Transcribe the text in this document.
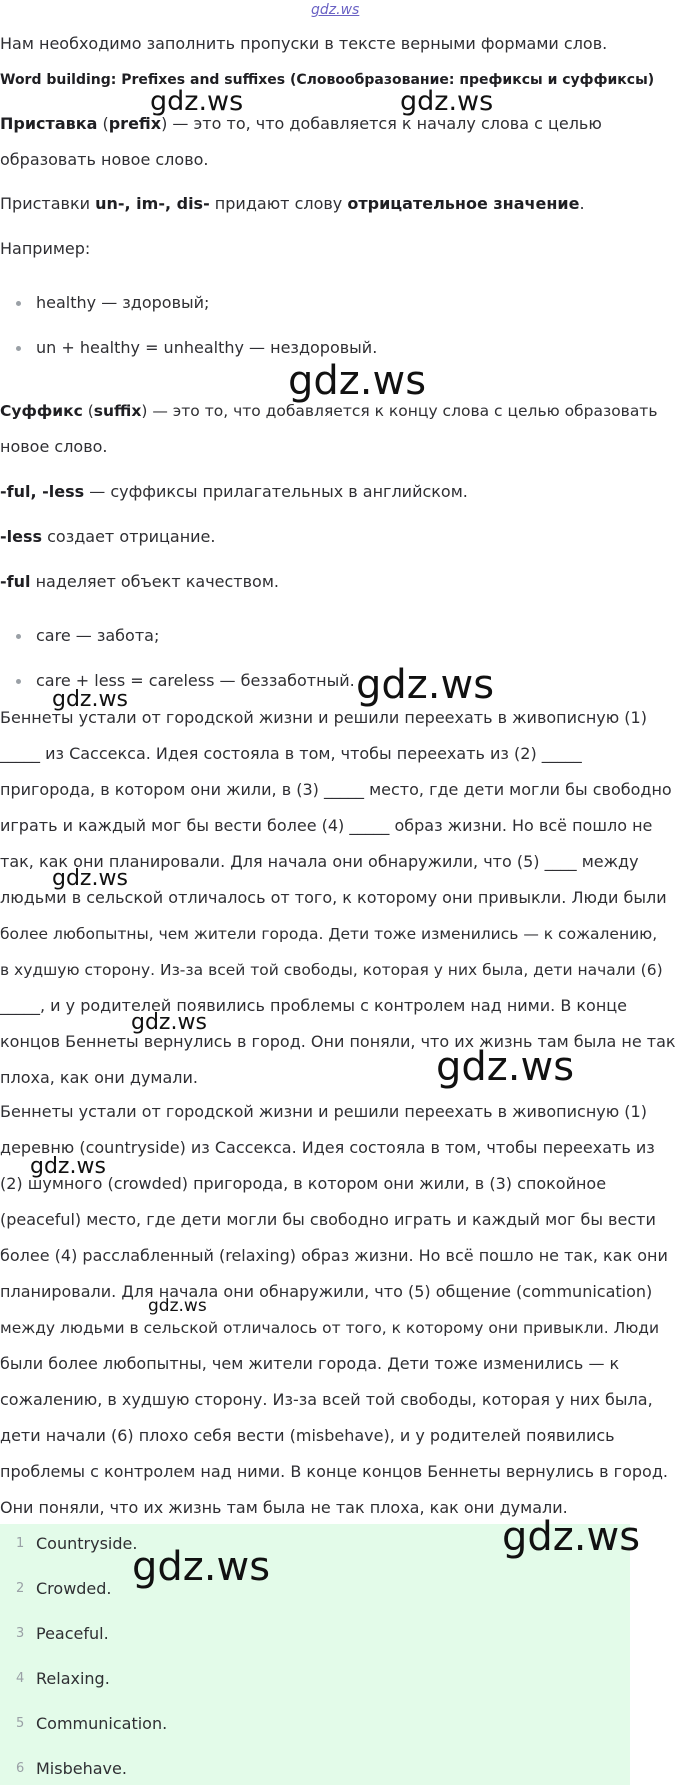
gdz.ws

Нам необходимо заполнить пропуски в тексте верными формами слов.

Word building: Prefixes and suffixes (Словообразование: префиксы и суффиксы)

Приставка (prefix) — это то, что добавляется к началу слова с целью

образовать новое слово.

Приставки un-, im-, dis- придают слову отрицательное значение.

Например:

healthy — здоровый;
un + healthy = unhealthy — нездоровый.

Суффикс (suffix) — это то, что добавляется к концу слова с целью образовать

новое слово.

-ful, -less — суффиксы прилагательных в английском.

-less создает отрицание.

-ful наделяет объект качеством.

care — забота;
care + less = careless — беззаботный.

Беннеты устали от городской жизни и решили переехать в живописную (1)

_____ из Сассекса. Идея состояла в том, чтобы переехать из (2) _____

пригорода, в котором они жили, в (3) _____ место, где дети могли бы свободно

играть и каждый мог бы вести более (4) _____ образ жизни. Но всё пошло не

так, как они планировали. Для начала они обнаружили, что (5) ____ между

людьми в сельской отличалось от того, к которому они привыкли. Люди были

более любопытны, чем жители города. Дети тоже изменились — к сожалению,

в худшую сторону. Из-за всей той свободы, которая у них была, дети начали (6)

_____, и у родителей появились проблемы с контролем над ними. В конце

концов Беннеты вернулись в город. Они поняли, что их жизнь там была не так

плоха, как они думали.

Беннеты устали от городской жизни и решили переехать в живописную (1)

деревню (countryside) из Сассекса. Идея состояла в том, чтобы переехать из

(2) шумного (crowded) пригорода, в котором они жили, в (3) спокойное

(peaceful) место, где дети могли бы свободно играть и каждый мог бы вести

более (4) расслабленный (relaxing) образ жизни. Но всё пошло не так, как они

планировали. Для начала они обнаружили, что (5) общение (communication)

между людьми в сельской отличалось от того, к которому они привыкли. Люди

были более любопытны, чем жители города. Дети тоже изменились — к

сожалению, в худшую сторону. Из-за всей той свободы, которая у них была,

дети начали (6) плохо себя вести (misbehave), и у родителей появились

проблемы с контролем над ними. В конце концов Беннеты вернулись в город.

Они поняли, что их жизнь там была не так плоха, как они думали.

1 Countryside.
2 Crowded.
3 Peaceful.
4 Relaxing.
5 Communication.
6 Misbehave.
gdz.ws	gdz.ws
gdz.ws
gdz.ws
gdz.ws
gdz.ws
gdz.ws
gdz.ws
gdz.ws
gdz.ws
gdz.ws
gdz.ws
